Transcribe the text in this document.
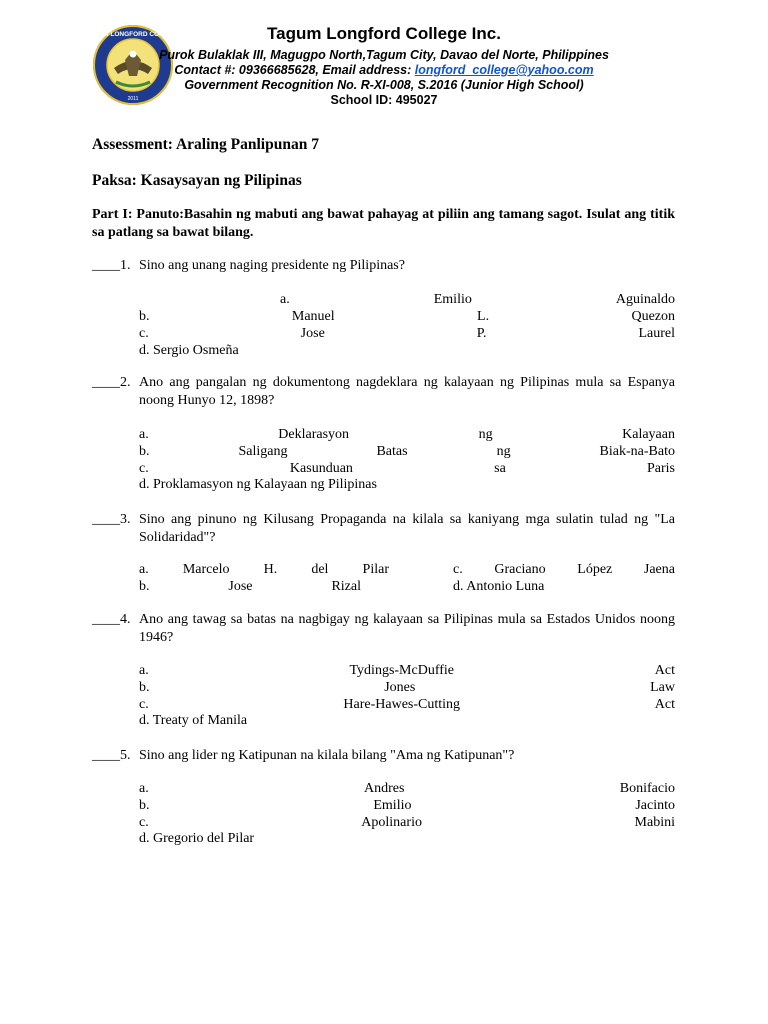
TAGUM LONGFORD COLLEGE
2011
Tagum Longford College Inc.
Purok Bulaklak III, Magugpo North,Tagum City, Davao del Norte, Philippines
Contact #: 09366685628, Email address: longford_college@yahoo.com
Government Recognition No. R-XI-008, S.2016 (Junior High School)
School ID: 495027
Assessment: Araling Panlipunan 7
Paksa: Kasaysayan ng Pilipinas
Part I: Panuto:Basahin ng mabuti ang bawat pahayag at piliin ang tamang sagot. Isulat ang titik sa patlang sa bawat bilang.
____1. Sino ang unang naging presidente ng Pilipinas?
a.	Emilio	Aguinaldo
b.	Manuel	L.	Quezon
c.	Jose	P.	Laurel
d. Sergio Osmeña
____2. Ano ang pangalan ng dokumentong nagdeklara ng kalayaan ng Pilipinas mula sa Espanya noong Hunyo 12, 1898?
a.	Deklarasyon	ng	Kalayaan
b.	Saligang	Batas	ng	Biak-na-Bato
c.	Kasunduan	sa	Paris
d. Proklamasyon ng Kalayaan ng Pilipinas
____3. Sino ang pinuno ng Kilusang Propaganda na kilala sa kaniyang mga sulatin tulad ng "La Solidaridad"?
a. Marcelo H. del Pilar	c. Graciano López Jaena
b.	Jose	Rizal	d. Antonio Luna
____4. Ano ang tawag sa batas na nagbigay ng kalayaan sa Pilipinas mula sa Estados Unidos noong 1946?
a.	Tydings-McDuffie	Act
b.	Jones	Law
c.	Hare-Hawes-Cutting	Act
d. Treaty of Manila
____5. Sino ang lider ng Katipunan na kilala bilang "Ama ng Katipunan"?
a.	Andres	Bonifacio
b.	Emilio	Jacinto
c.	Apolinario	Mabini
d. Gregorio del Pilar
